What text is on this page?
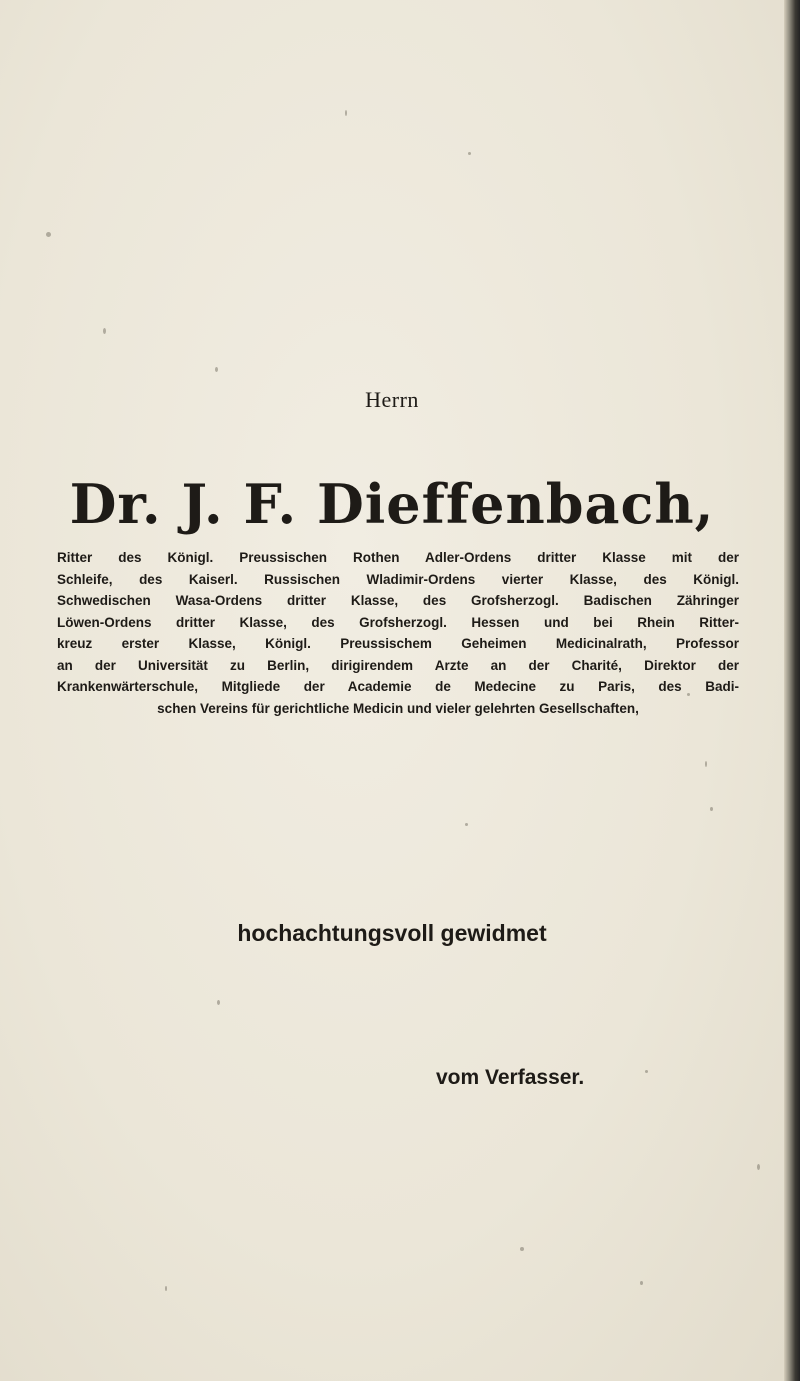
Herrn
Dr. J. F. Dieffenbach,
Ritter des Königl. Preussischen Rothen Adler-Ordens dritter Klasse mit der
Schleife, des Kaiserl. Russischen Wladimir-Ordens vierter Klasse, des Königl.
Schwedischen Wasa-Ordens dritter Klasse, des Grofsherzogl. Badischen Zähringer
Löwen-Ordens dritter Klasse, des Grofsherzogl. Hessen und bei Rhein Ritter-
kreuz erster Klasse, Königl. Preussischem Geheimen Medicinalrath, Professor
an der Universität zu Berlin, dirigirendem Arzte an der Charité, Direktor der
Krankenwärterschule, Mitgliede der Academie de Medecine zu Paris, des Badi-
schen Vereins für gerichtliche Medicin und vieler gelehrten Gesellschaften,
hochachtungsvoll gewidmet
vom Verfasser.
